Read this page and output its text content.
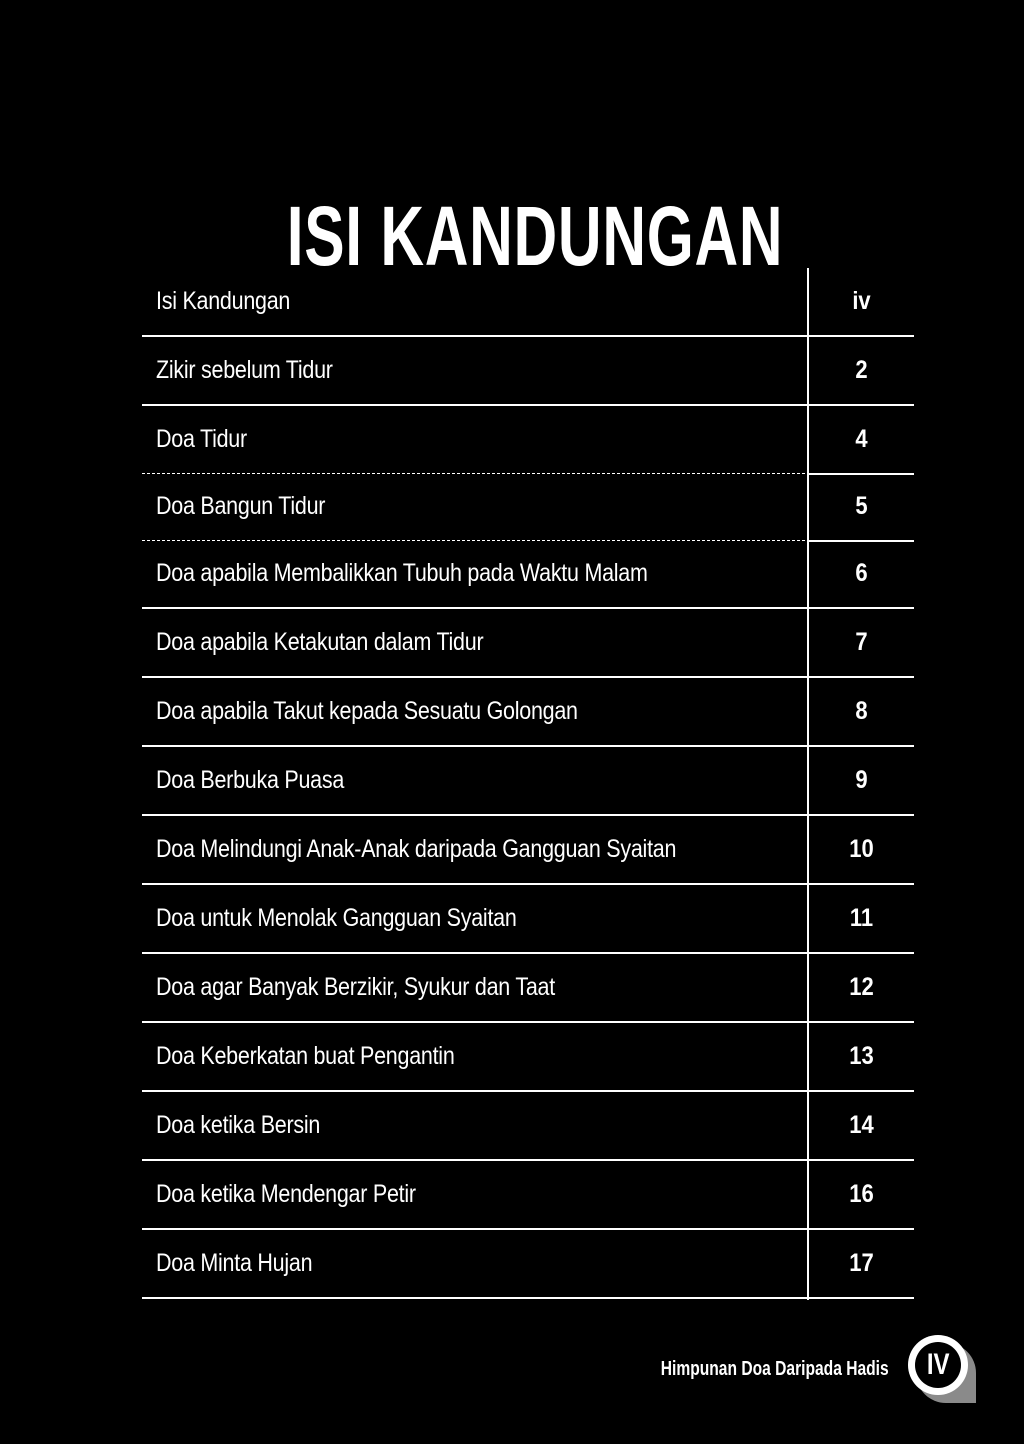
ISI KANDUNGAN
Isi Kandungan	iv
Zikir sebelum Tidur	2
Doa Tidur	4
Doa Bangun Tidur	5
Doa apabila Membalikkan Tubuh pada Waktu Malam	6
Doa apabila Ketakutan dalam Tidur	7
Doa apabila Takut kepada Sesuatu Golongan	8
Doa Berbuka Puasa	9
Doa Melindungi Anak-Anak daripada Gangguan Syaitan	10
Doa untuk Menolak Gangguan Syaitan	11
Doa agar Banyak Berzikir, Syukur dan Taat	12
Doa Keberkatan buat Pengantin	13
Doa ketika Bersin	14
Doa ketika Mendengar Petir	16
Doa Minta Hujan	17
Himpunan Doa Daripada Hadis	IV
